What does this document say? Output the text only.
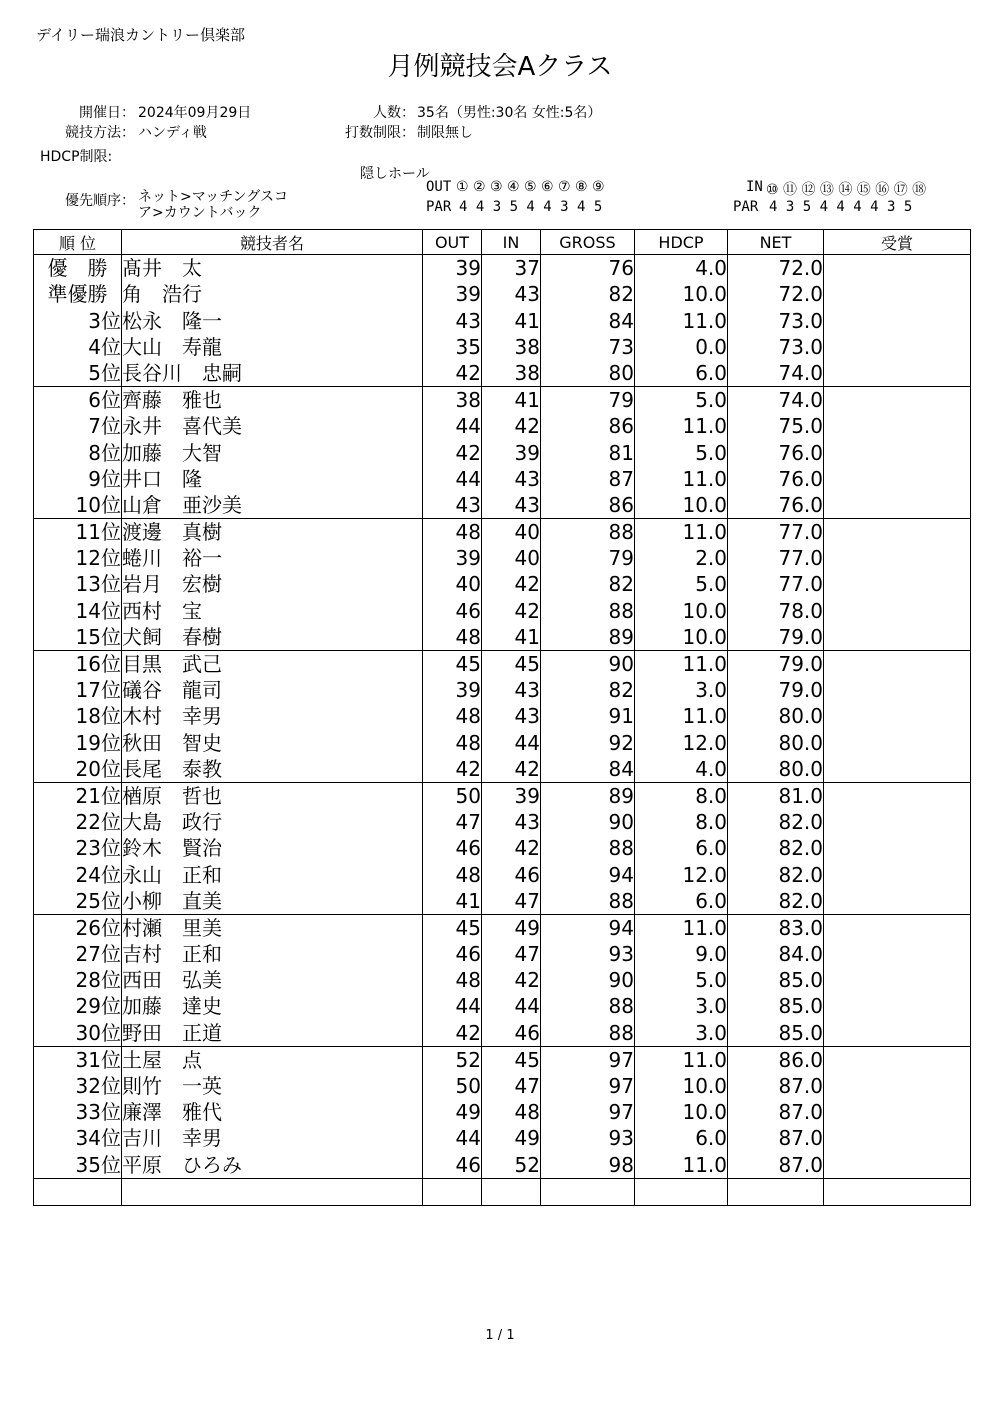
デイリー瑞浪カントリー倶楽部
月例競技会Aクラス
開催日： 2024年09月29日
競技方法： ハンディ戦
HDCP制限:
人数： 35名（男性:30名 女性:5名）
打数制限： 制限無し
隠しホール
優先順序： ネット>マッチングスコ
ア>カウントバック
OUT ① ② ③ ④ ⑤ ⑥ ⑦ ⑧ ⑨
PAR 4 4 3 5 4 4 3 4 5
IN ⑩ ⑪ ⑫ ⑬ ⑭ ⑮ ⑯ ⑰ ⑱
PAR 4 3 5 4 4 4 4 3 5
順 位	競技者名	OUT	IN	GROSS	HDCP	NET	受賞
優　勝	髙井　太	39	37	76	4.0	72.0	
準優勝	角　浩行	39	43	82	10.0	72.0	
3位	松永　隆一	43	41	84	11.0	73.0	
4位	大山　寿龍	35	38	73	0.0	73.0	
5位	長谷川　忠嗣	42	38	80	6.0	74.0	
6位	齊藤　雅也	38	41	79	5.0	74.0	
7位	永井　喜代美	44	42	86	11.0	75.0	
8位	加藤　大智	42	39	81	5.0	76.0	
9位	井口　隆	44	43	87	11.0	76.0	
10位	山倉　亜沙美	43	43	86	10.0	76.0	
11位	渡邊　真樹	48	40	88	11.0	77.0	
12位	蜷川　裕一	39	40	79	2.0	77.0	
13位	岩月　宏樹	40	42	82	5.0	77.0	
14位	西村　宝	46	42	88	10.0	78.0	
15位	犬飼　春樹	48	41	89	10.0	79.0	
16位	目黒　武己	45	45	90	11.0	79.0	
17位	礒谷　龍司	39	43	82	3.0	79.0	
18位	木村　幸男	48	43	91	11.0	80.0	
19位	秋田　智史	48	44	92	12.0	80.0	
20位	長尾　泰教	42	42	84	4.0	80.0	
21位	楢原　哲也	50	39	89	8.0	81.0	
22位	大島　政行	47	43	90	8.0	82.0	
23位	鈴木　賢治	46	42	88	6.0	82.0	
24位	永山　正和	48	46	94	12.0	82.0	
25位	小柳　直美	41	47	88	6.0	82.0	
26位	村瀬　里美	45	49	94	11.0	83.0	
27位	吉村　正和	46	47	93	9.0	84.0	
28位	西田　弘美	48	42	90	5.0	85.0	
29位	加藤　達史	44	44	88	3.0	85.0	
30位	野田　正道	42	46	88	3.0	85.0	
31位	土屋　点	52	45	97	11.0	86.0	
32位	則竹　一英	50	47	97	10.0	87.0	
33位	廉澤　雅代	49	48	97	10.0	87.0	
34位	吉川　幸男	44	49	93	6.0	87.0	
35位	平原　ひろみ	46	52	98	11.0	87.0	

1 / 1
